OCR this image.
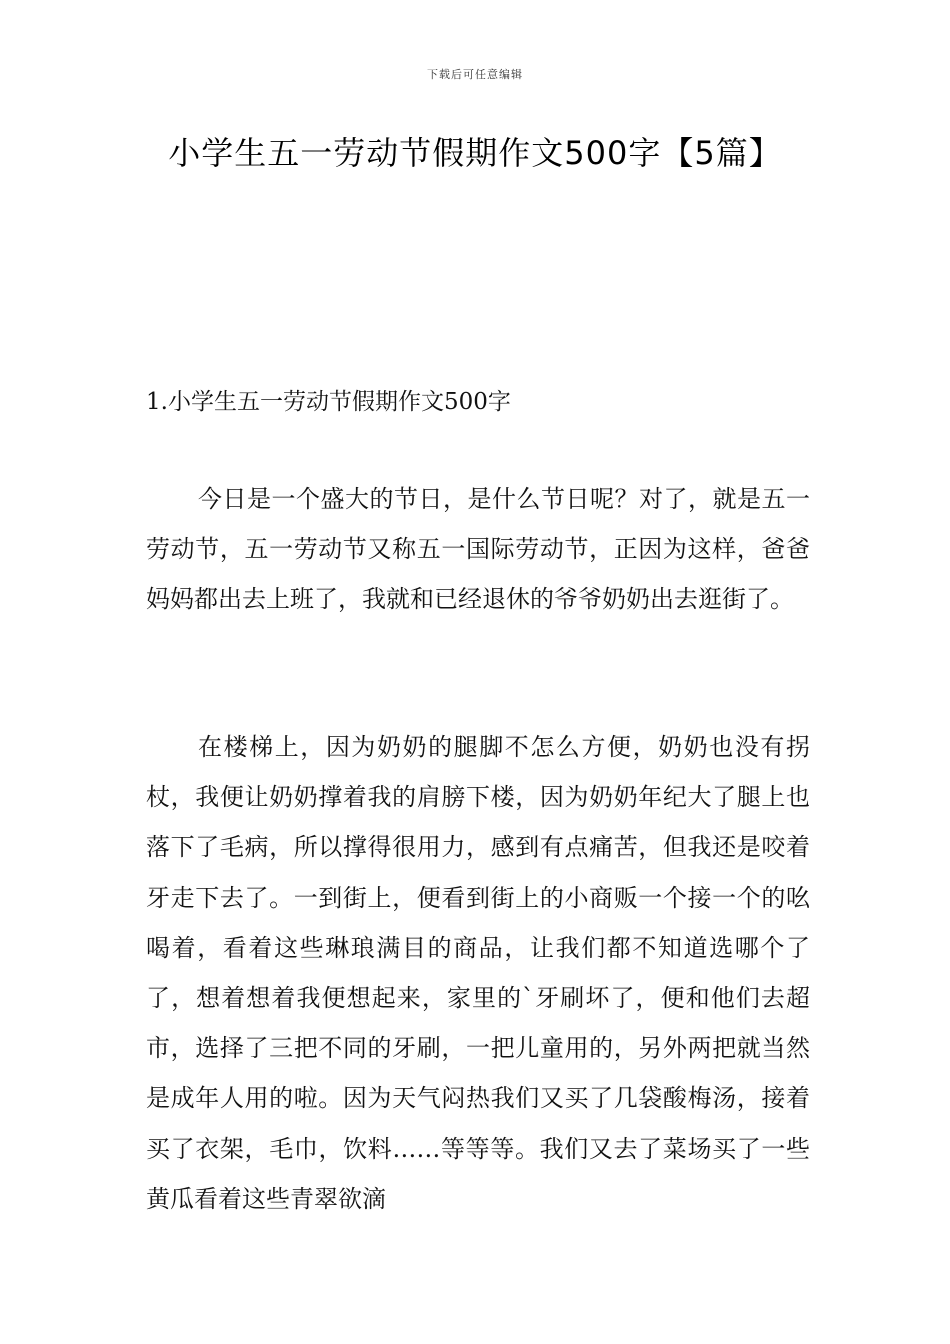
下载后可任意编辑
小学生五一劳动节假期作文500字【5篇】
1.小学生五一劳动节假期作文500字

今日是一个盛大的节日，是什么节日呢？对了，就是五一劳动节，五一劳动节又称五一国际劳动节，正因为这样，爸爸妈妈都出去上班了，我就和已经退休的爷爷奶奶出去逛街了。

在楼梯上，因为奶奶的腿脚不怎么方便，奶奶也没有拐杖，我便让奶奶撑着我的肩膀下楼，因为奶奶年纪大了腿上也落下了毛病，所以撑得很用力，感到有点痛苦，但我还是咬着牙走下去了。一到街上，便看到街上的小商贩一个接一个的吆喝着，看着这些琳琅满目的商品，让我们都不知道选哪个了了，想着想着我便想起来，家里的`牙刷坏了，便和他们去超市，选择了三把不同的牙刷，一把儿童用的，另外两把就当然是成年人用的啦。因为天气闷热我们又买了几袋酸梅汤，接着买了衣架，毛巾，饮料……等等等。我们又去了菜场买了一些黄瓜看着这些青翠欲滴
